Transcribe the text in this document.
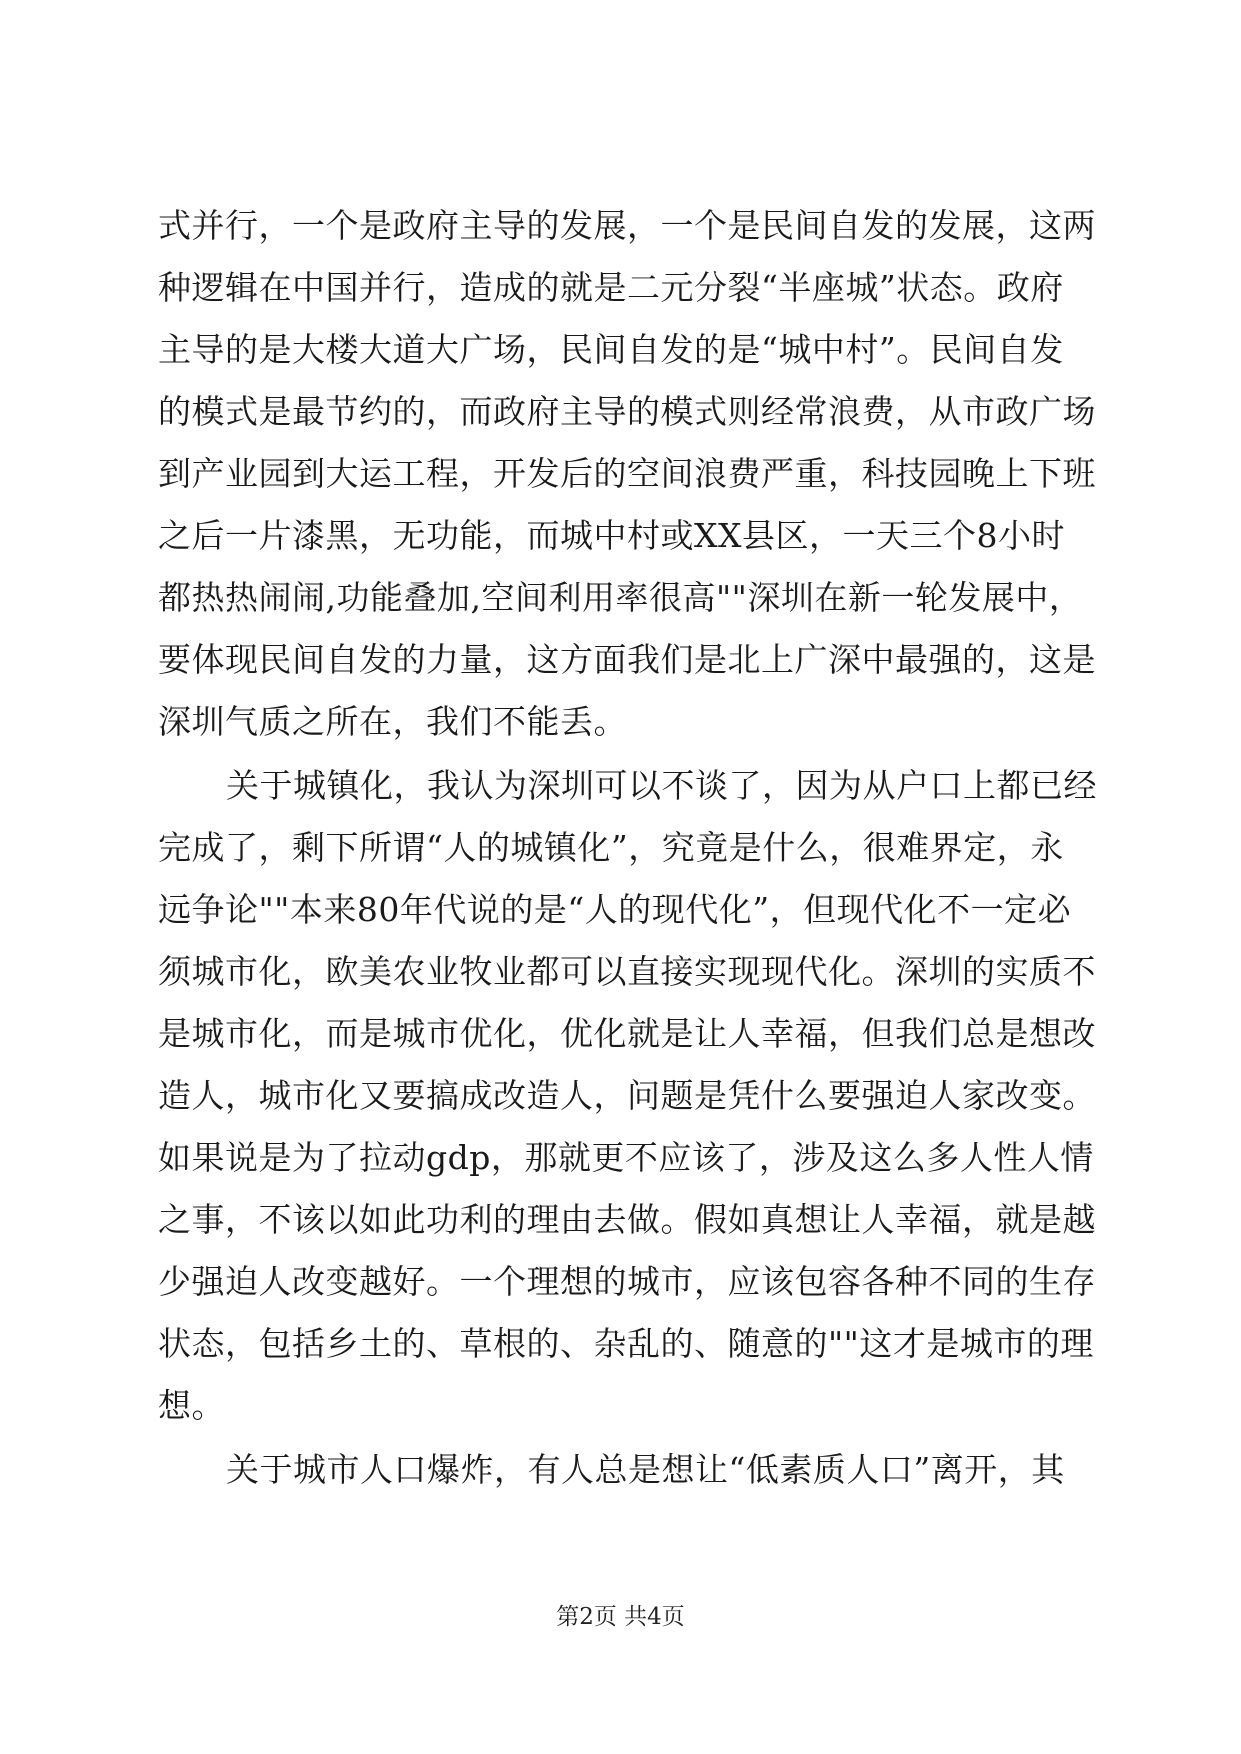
式并行，一个是政府主导的发展，一个是民间自发的发展，这两
种逻辑在中国并行，造成的就是二元分裂“半座城”状态。政府
主导的是大楼大道大广场，民间自发的是“城中村”。民间自发
的模式是最节约的，而政府主导的模式则经常浪费，从市政广场
到产业园到大运工程，开发后的空间浪费严重，科技园晚上下班
之后一片漆黑，无功能，而城中村或XX县区，一天三个8小时
都热热闹闹,功能叠加,空间利用率很高""深圳在新一轮发展中，
要体现民间自发的力量，这方面我们是北上广深中最强的，这是
深圳气质之所在，我们不能丢。
关于城镇化，我认为深圳可以不谈了，因为从户口上都已经
完成了，剩下所谓“人的城镇化”，究竟是什么，很难界定，永
远争论""本来80年代说的是“人的现代化”，但现代化不一定必
须城市化，欧美农业牧业都可以直接实现现代化。深圳的实质不
是城市化，而是城市优化，优化就是让人幸福，但我们总是想改
造人，城市化又要搞成改造人，问题是凭什么要强迫人家改变。
如果说是为了拉动gdp，那就更不应该了，涉及这么多人性人情
之事，不该以如此功利的理由去做。假如真想让人幸福，就是越
少强迫人改变越好。一个理想的城市，应该包容各种不同的生存
状态，包括乡土的、草根的、杂乱的、随意的""这才是城市的理
想。
关于城市人口爆炸，有人总是想让“低素质人口”离开，其
第2页 共4页
